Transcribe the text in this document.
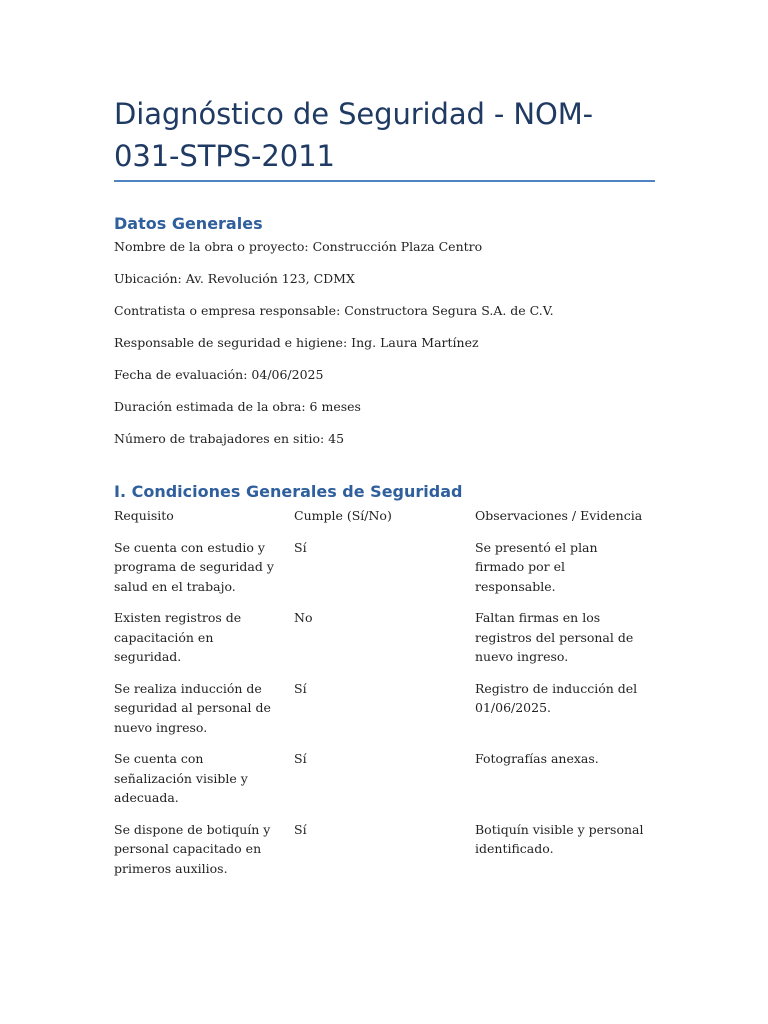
Diagnóstico de Seguridad - NOM-031-STPS-2011
Datos Generales

Nombre de la obra o proyecto: Construcción Plaza Centro

Ubicación: Av. Revolución 123, CDMX

Contratista o empresa responsable: Constructora Segura S.A. de C.V.

Responsable de seguridad e higiene: Ing. Laura Martínez

Fecha de evaluación: 04/06/2025

Duración estimada de la obra: 6 meses

Número de trabajadores en sitio: 45

I. Condiciones Generales de Seguridad
Requisito	Cumple (Sí/No)	Observaciones / Evidencia

Se cuenta con estudio y programa de seguridad y salud en el trabajo.	Sí	Se presentó el plan firmado por el responsable.

Existen registros de capacitación en seguridad.	No	Faltan firmas en los registros del personal de nuevo ingreso.

Se realiza inducción de seguridad al personal de nuevo ingreso.	Sí	Registro de inducción del 01/06/2025.

Se cuenta con señalización visible y adecuada.	Sí	Fotografías anexas.

Se dispone de botiquín y personal capacitado en primeros auxilios.	Sí	Botiquín visible y personal identificado.
